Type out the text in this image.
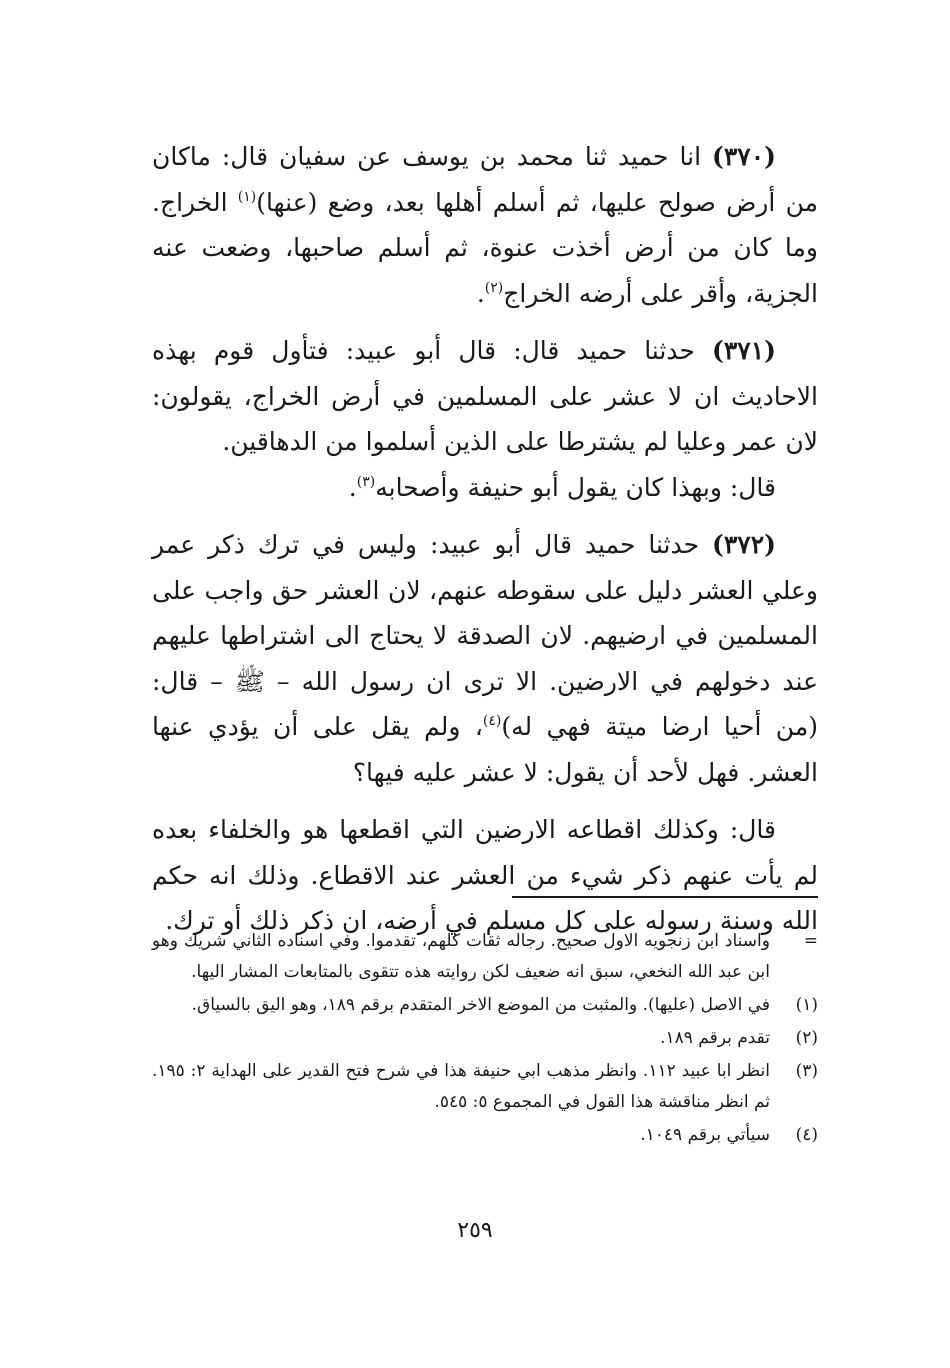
(٣٧٠) انا حميد ثنا محمد بن يوسف عن سفيان قال: ماكان من أرض صولح عليها، ثم أسلم أهلها بعد، وضع (عنها)$^{(١)}$ الخراج. وما كان من أرض أخذت عنوة، ثم أسلم صاحبها، وضعت عنه الجزية، وأقر على أرضه الخراج$^{(٢)}$.

(٣٧١) حدثنا حميد قال: قال أبو عبيد: فتأول قوم بهذه الاحاديث ان لا عشر على المسلمين في أرض الخراج، يقولون: لان عمر وعليا لم يشترطا على الذين أسلموا من الدهاقين.

قال: وبهذا كان يقول أبو حنيفة وأصحابه$^{(٣)}$.

(٣٧٢) حدثنا حميد قال أبو عبيد: وليس في ترك ذكر عمر وعلي العشر دليل على سقوطه عنهم، لان العشر حق واجب على المسلمين في ارضيهم. لان الصدقة لا يحتاج الى اشتراطها عليهم عند دخولهم في الارضين. الا ترى ان رسول الله – ﷺ – قال: (من أحيا ارضا ميتة فهي له)$^{(٤)}$، ولم يقل على أن يؤدي عنها العشر. فهل لأحد أن يقول: لا عشر عليه فيها؟

قال: وكذلك اقطاعه الارضين التي اقطعها هو والخلفاء بعده لم يأت عنهم ذكر شيء من العشر عند الاقطاع. وذلك انه حكم الله وسنة رسوله على كل مسلم في أرضه، ان ذكر ذلك أو ترك.

=
واسناد ابن زنجويه الاول صحيح. رجاله ثقات كلهم، تقدموا. وفي اسناده الثاني شريك وهو ابن عبد الله النخعي، سبق انه ضعيف لكن روايته هذه تتقوى بالمتابعات المشار اليها.
(١)
في الاصل (عليها). والمثبت من الموضع الاخر المتقدم برقم ١٨٩، وهو اليق بالسياق.
(٢)
تقدم برقم ١٨٩.
(٣)
انظر ابا عبيد ١١٢. وانظر مذهب ابي حنيفة هذا في شرح فتح القدير على الهداية ٢: ١٩٥. ثم انظر مناقشة هذا القول في المجموع ٥: ٥٤٥.
(٤)
سيأتي برقم ١٠٤٩.
٢٥٩
